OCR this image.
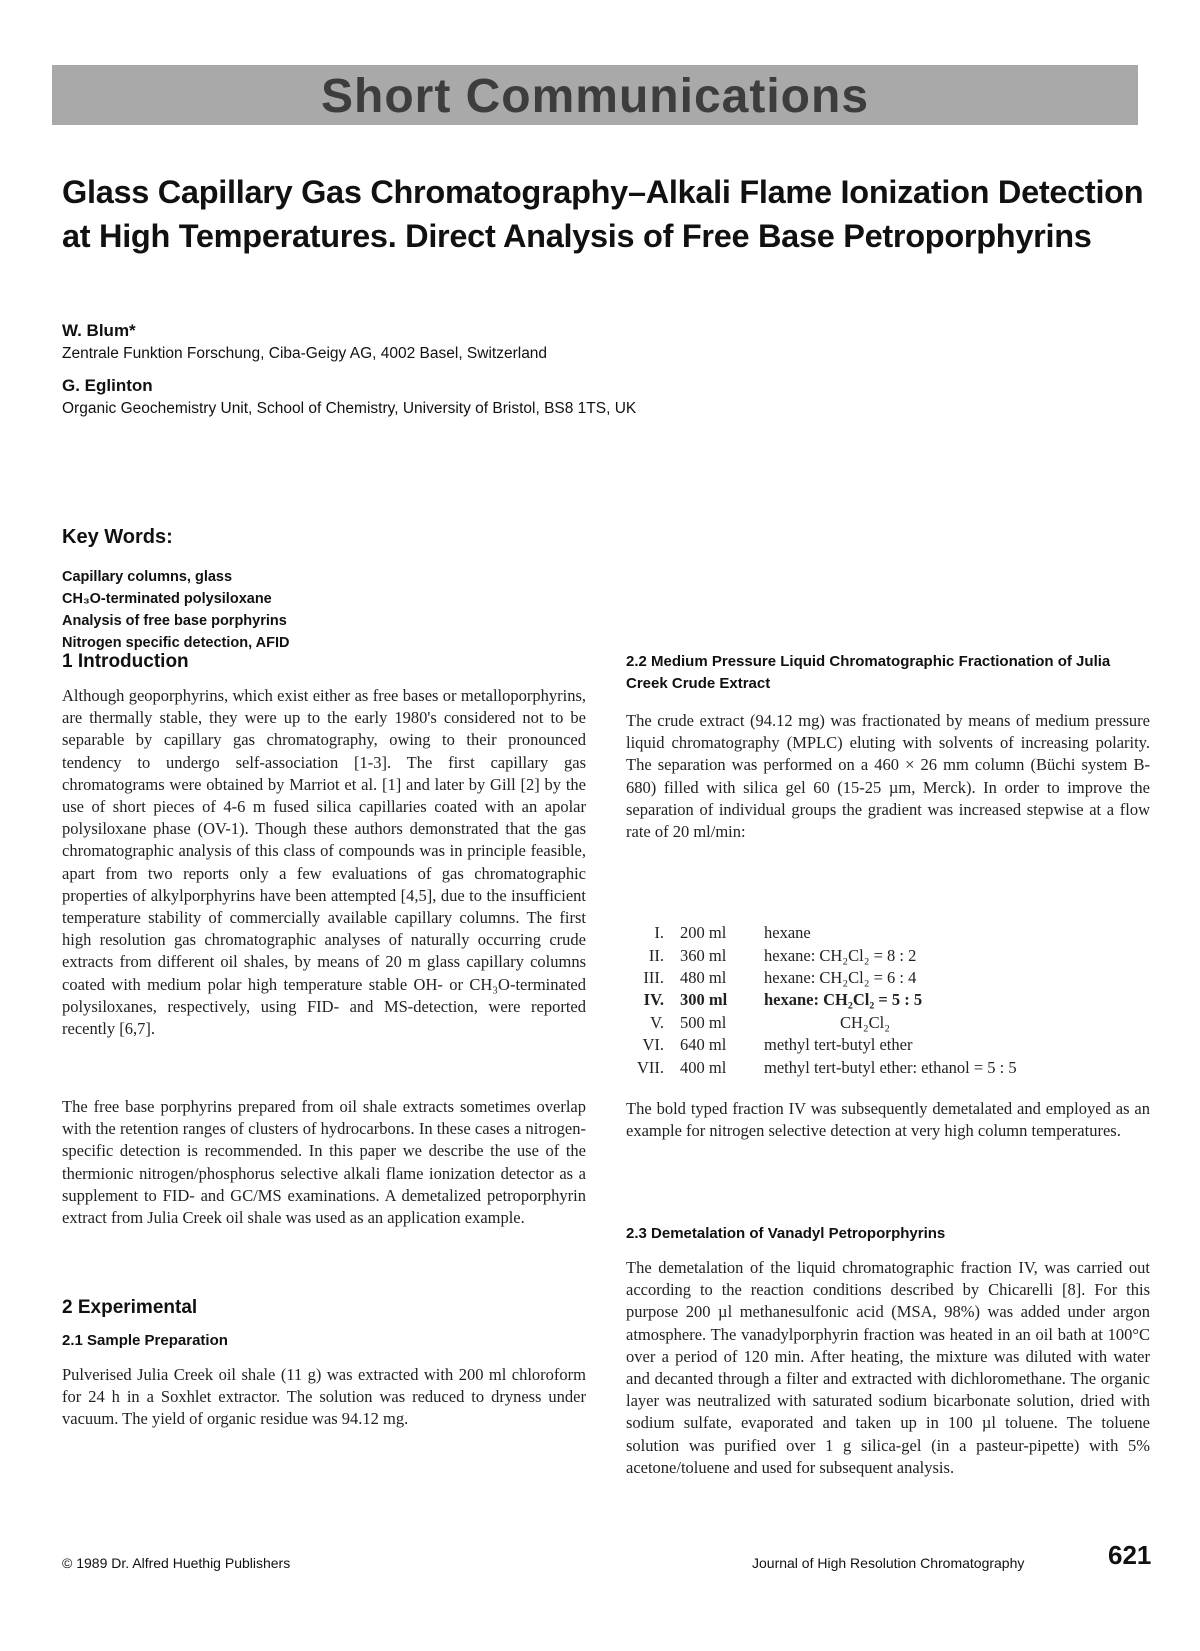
Short Communications
Glass Capillary Gas Chromatography–Alkali Flame Ionization Detection at High Temperatures. Direct Analysis of Free Base Petroporphyrins
W. Blum*
Zentrale Funktion Forschung, Ciba-Geigy AG, 4002 Basel, Switzerland
G. Eglinton
Organic Geochemistry Unit, School of Chemistry, University of Bristol, BS8 1TS, UK
Key Words:
Capillary columns, glass
CH₃O-terminated polysiloxane
Analysis of free base porphyrins
Nitrogen specific detection, AFID
1 Introduction

Although geoporphyrins, which exist either as free bases or metalloporphyrins, are thermally stable, they were up to the early 1980's considered not to be separable by capillary gas chromatography, owing to their pronounced tendency to undergo self-association [1-3]. The first capillary gas chromatograms were obtained by Marriot et al. [1] and later by Gill [2] by the use of short pieces of 4-6 m fused silica capillaries coated with an apolar polysiloxane phase (OV-1). Though these authors demonstrated that the gas chromatographic analysis of this class of compounds was in principle feasible, apart from two reports only a few evaluations of gas chromatographic properties of alkylporphyrins have been attempted [4,5], due to the insufficient temperature stability of commercially available capillary columns. The first high resolution gas chromatographic analyses of naturally occurring crude extracts from different oil shales, by means of 20 m glass capillary columns coated with medium polar high temperature stable OH- or CH₃O-terminated polysiloxanes, respectively, using FID- and MS-detection, were reported recently [6,7].

The free base porphyrins prepared from oil shale extracts sometimes overlap with the retention ranges of clusters of hydrocarbons. In these cases a nitrogen-specific detection is recommended. In this paper we describe the use of the thermionic nitrogen/phosphorus selective alkali flame ionization detector as a supplement to FID- and GC/MS examinations. A demetalized petroporphyrin extract from Julia Creek oil shale was used as an application example.

2 Experimental
2.1 Sample Preparation

Pulverised Julia Creek oil shale (11 g) was extracted with 200 ml chloroform for 24 h in a Soxhlet extractor. The solution was reduced to dryness under vacuum. The yield of organic residue was 94.12 mg.

2.2 Medium Pressure Liquid Chromatographic Fractionation of Julia Creek Crude Extract

The crude extract (94.12 mg) was fractionated by means of medium pressure liquid chromatography (MPLC) eluting with solvents of increasing polarity. The separation was performed on a 460 × 26 mm column (Büchi system B-680) filled with silica gel 60 (15-25 µm, Merck). In order to improve the separation of individual groups the gradient was increased stepwise at a flow rate of 20 ml/min:

I.	200 ml	hexane
II.	360 ml	hexane: CH₂Cl₂ = 8 : 2
III.	480 ml	hexane: CH₂Cl₂ = 6 : 4
IV.	300 ml	hexane: CH₂Cl₂ = 5 : 5
V.	500 ml	CH₂Cl₂
VI.	640 ml	methyl tert-butyl ether
VII.	400 ml	methyl tert-butyl ether: ethanol = 5 : 5

The bold typed fraction IV was subsequently demetalated and employed as an example for nitrogen selective detection at very high column temperatures.

2.3 Demetalation of Vanadyl Petroporphyrins

The demetalation of the liquid chromatographic fraction IV, was carried out according to the reaction conditions described by Chicarelli [8]. For this purpose 200 µl methanesulfonic acid (MSA, 98%) was added under argon atmosphere. The vanadylporphyrin fraction was heated in an oil bath at 100°C over a period of 120 min. After heating, the mixture was diluted with water and decanted through a filter and extracted with dichloromethane. The organic layer was neutralized with saturated sodium bicarbonate solution, dried with sodium sulfate, evaporated and taken up in 100 µl toluene. The toluene solution was purified over 1 g silica-gel (in a pasteur-pipette) with 5% acetone/toluene and used for subsequent analysis.

© 1989 Dr. Alfred Huethig Publishers	Journal of High Resolution Chromatography	621
